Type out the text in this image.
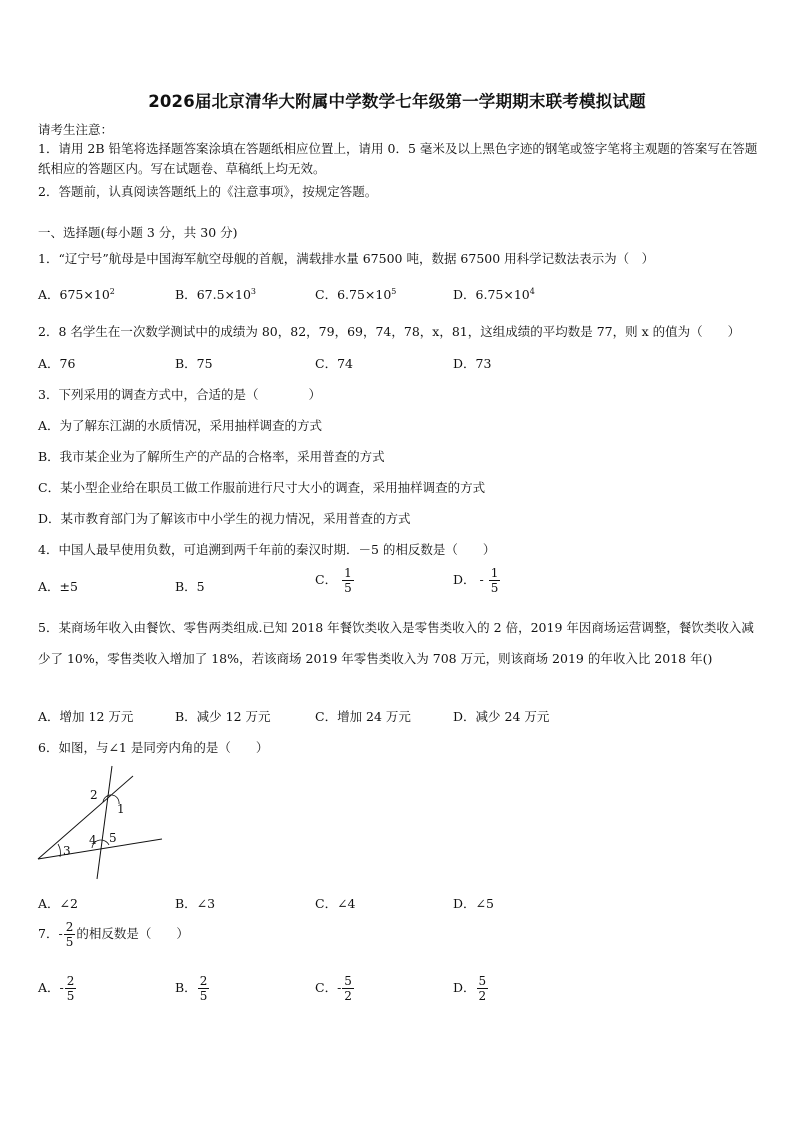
2026届北京清华大附属中学数学七年级第一学期期末联考模拟试题
请考生注意：
1．请用 2B 铅笔将选择题答案涂填在答题纸相应位置上，请用 0．5 毫米及以上黑色字迹的钢笔或签字笔将主观题的答案写在答题纸相应的答题区内。写在试题卷、草稿纸上均无效。
2．答题前，认真阅读答题纸上的《注意事项》，按规定答题。
一、选择题(每小题 3 分，共 30 分)
1．“辽宁号”航母是中国海军航空母舰的首舰，满载排水量 67500 吨，数据 67500 用科学记数法表示为（　）
A．$675\times 10^2$	B．$67.5\times 10^3$	C．$6.75\times 10^5$	D．$6.75\times 10^4$
2．8 名学生在一次数学测试中的成绩为 80，82，79，69，74，78，x，81，这组成绩的平均数是 77，则 x 的值为（　　）
A．76	B．75	C．74	D．73
3．下列采用的调查方式中，合适的是（　　　　）
A．为了解东江湖的水质情况，采用抽样调查的方式
B．我市某企业为了解所生产的产品的合格率，采用普查的方式
C．某小型企业给在职员工做工作服前进行尺寸大小的调查，采用抽样调查的方式
D．某市教育部门为了解该市中小学生的视力情况，采用普查的方式
4．中国人最早使用负数，可追溯到两千年前的秦汉时期．－5 的相反数是（　　）
A．±5	B．5	C． $\frac{1}{5}$	D． - $\frac{1}{5}$
5．某商场年收入由餐饮、零售两类组成.已知 2018 年餐饮类收入是零售类收入的 2 倍，2019 年因商场运营调整，餐饮类收入减少了 10%，零售类收入增加了 18%，若该商场 2019 年零售类收入为 708 万元，则该商场 2019 的年收入比 2018 年()
A．增加 12 万元	B．减少 12 万元	C．增加 24 万元	D．减少 24 万元
6．如图，与∠1 是同旁内角的是（　　）
2
1
3
4 5
A．∠2	B．∠3	C．∠4	D．∠5
7．- $\frac{2}{5}$ 的相反数是（　　）
A．- $\frac{2}{5}$	B． $\frac{2}{5}$	C．- $\frac{5}{2}$	D． $\frac{5}{2}$
